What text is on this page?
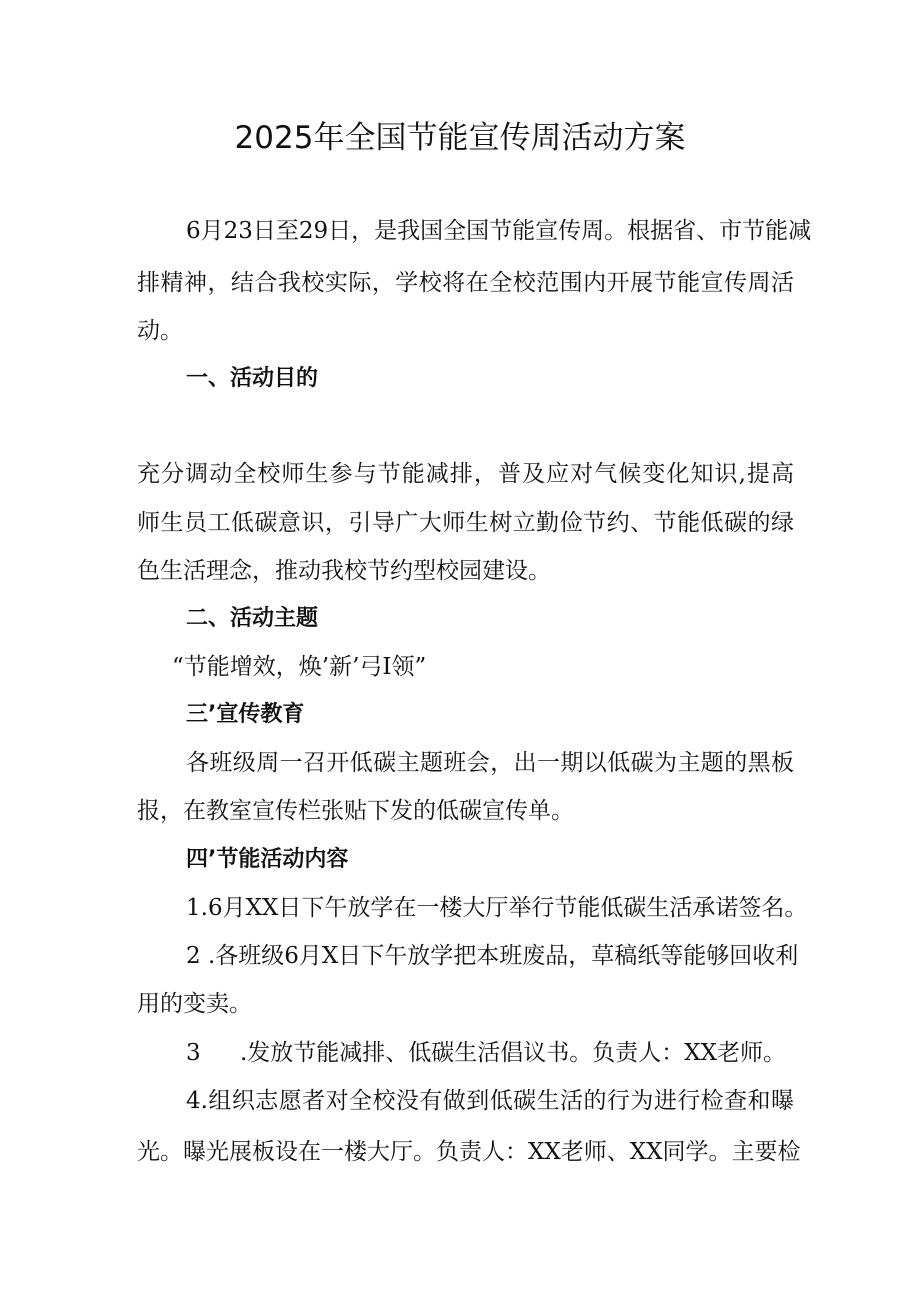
2025年全国节能宣传周活动方案
6月23日至29日，是我国全国节能宣传周。根据省、市节能减
排精神，结合我校实际，学校将在全校范围内开展节能宣传周活
动。
一、活动目的
充分调动全校师生参与节能减排，普及应对气候变化知识,提高
师生员工低碳意识，引导广大师生树立勤俭节约、节能低碳的绿
色生活理念，推动我校节约型校园建设。
二、活动主题
“节能增效，焕’新’弓I领”
三’宣传教育
各班级周一召开低碳主题班会，出一期以低碳为主题的黑板
报，在教室宣传栏张贴下发的低碳宣传单。
四’节能活动内容
1.6月XX日下午放学在一楼大厅举行节能低碳生活承诺签名。
2 .各班级6月X日下午放学把本班废品，草稿纸等能够回收利
用的变卖。
3 .发放节能减排、低碳生活倡议书。负责人：XX老师。
4.组织志愿者对全校没有做到低碳生活的行为进行检查和曝
光。曝光展板设在一楼大厅。负责人：XX老师、XX同学。主要检
